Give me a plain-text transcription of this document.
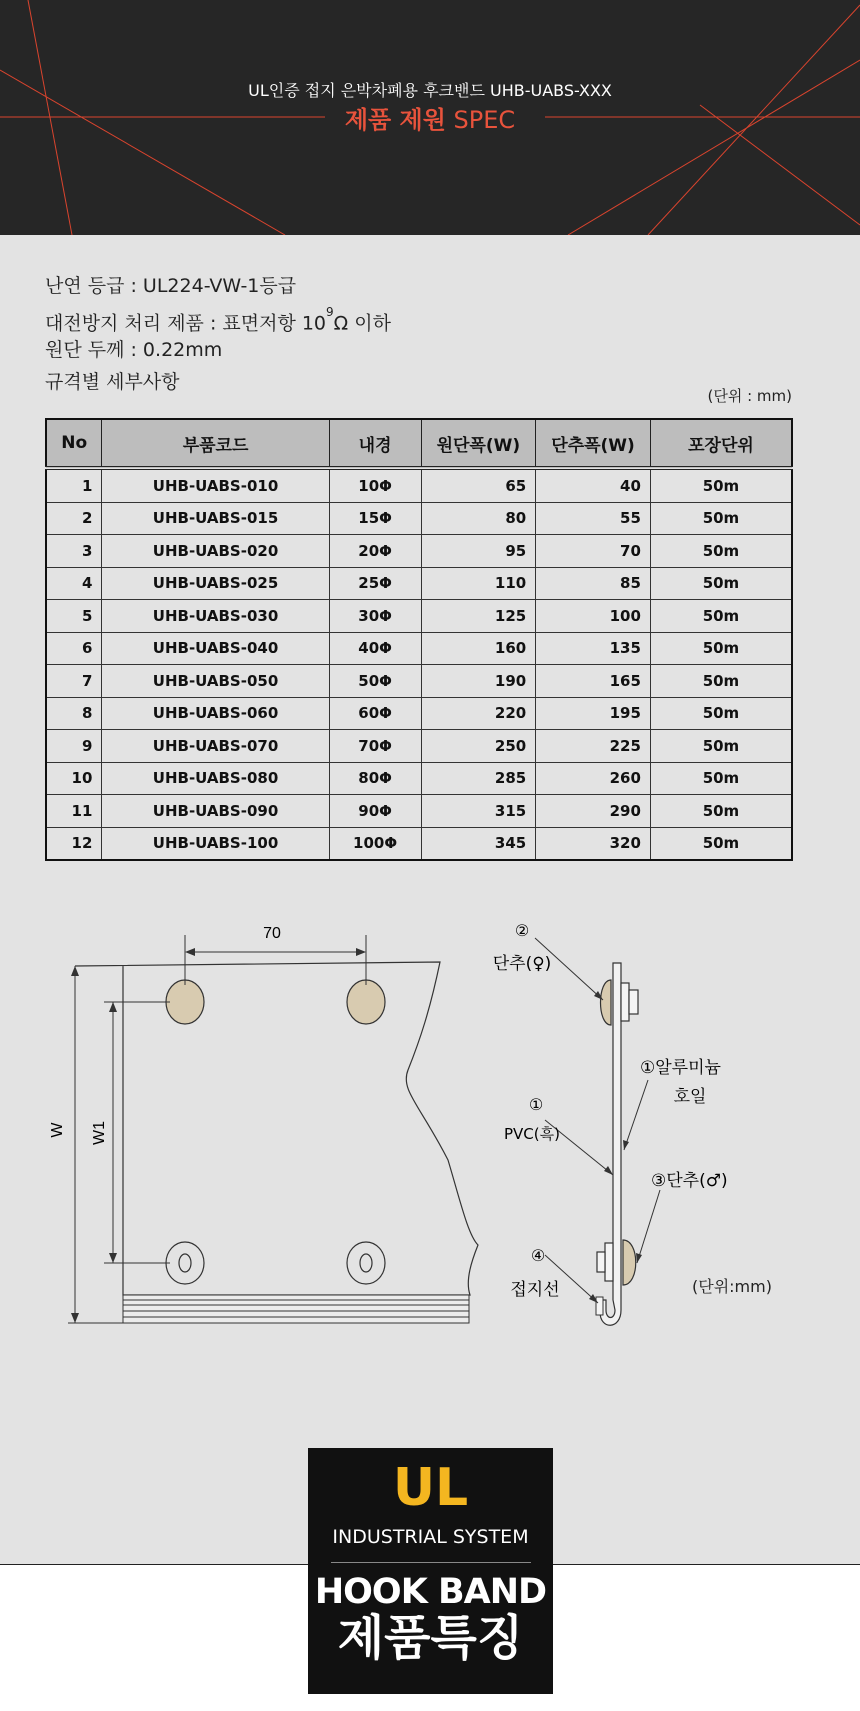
UL인증 접지 은박차폐용 후크밴드 UHB-UABS-XXX
제품 제원 SPEC
난연 등급 : UL224-VW-1등급
대전방지 처리 제품 : 표면저항 $10^9\Omega$ 이하
원단 두께 : 0.22mm
규격별 세부사항
(단위 : mm)
No	부품코드	내경	원단폭(W)	단추폭(W)	포장단위
1	UHB-UABS-010	10Φ	65	40	50m
2	UHB-UABS-015	15Φ	80	55	50m
3	UHB-UABS-020	20Φ	95	70	50m
4	UHB-UABS-025	25Φ	110	85	50m
5	UHB-UABS-030	30Φ	125	100	50m
6	UHB-UABS-040	40Φ	160	135	50m
7	UHB-UABS-050	50Φ	190	165	50m
8	UHB-UABS-060	60Φ	220	195	50m
9	UHB-UABS-070	70Φ	250	225	50m
10	UHB-UABS-080	80Φ	285	260	50m
11	UHB-UABS-090	90Φ	315	290	50m
12	UHB-UABS-100	100Φ	345	320	50m
70
W W1
②
단추(♀)
①알루미늄
호일
①
PVC(흑)
③단추(♂)
④
접지선	(단위:mm)
UL
INDUSTRIAL SYSTEM
HOOK BAND
제품특징
